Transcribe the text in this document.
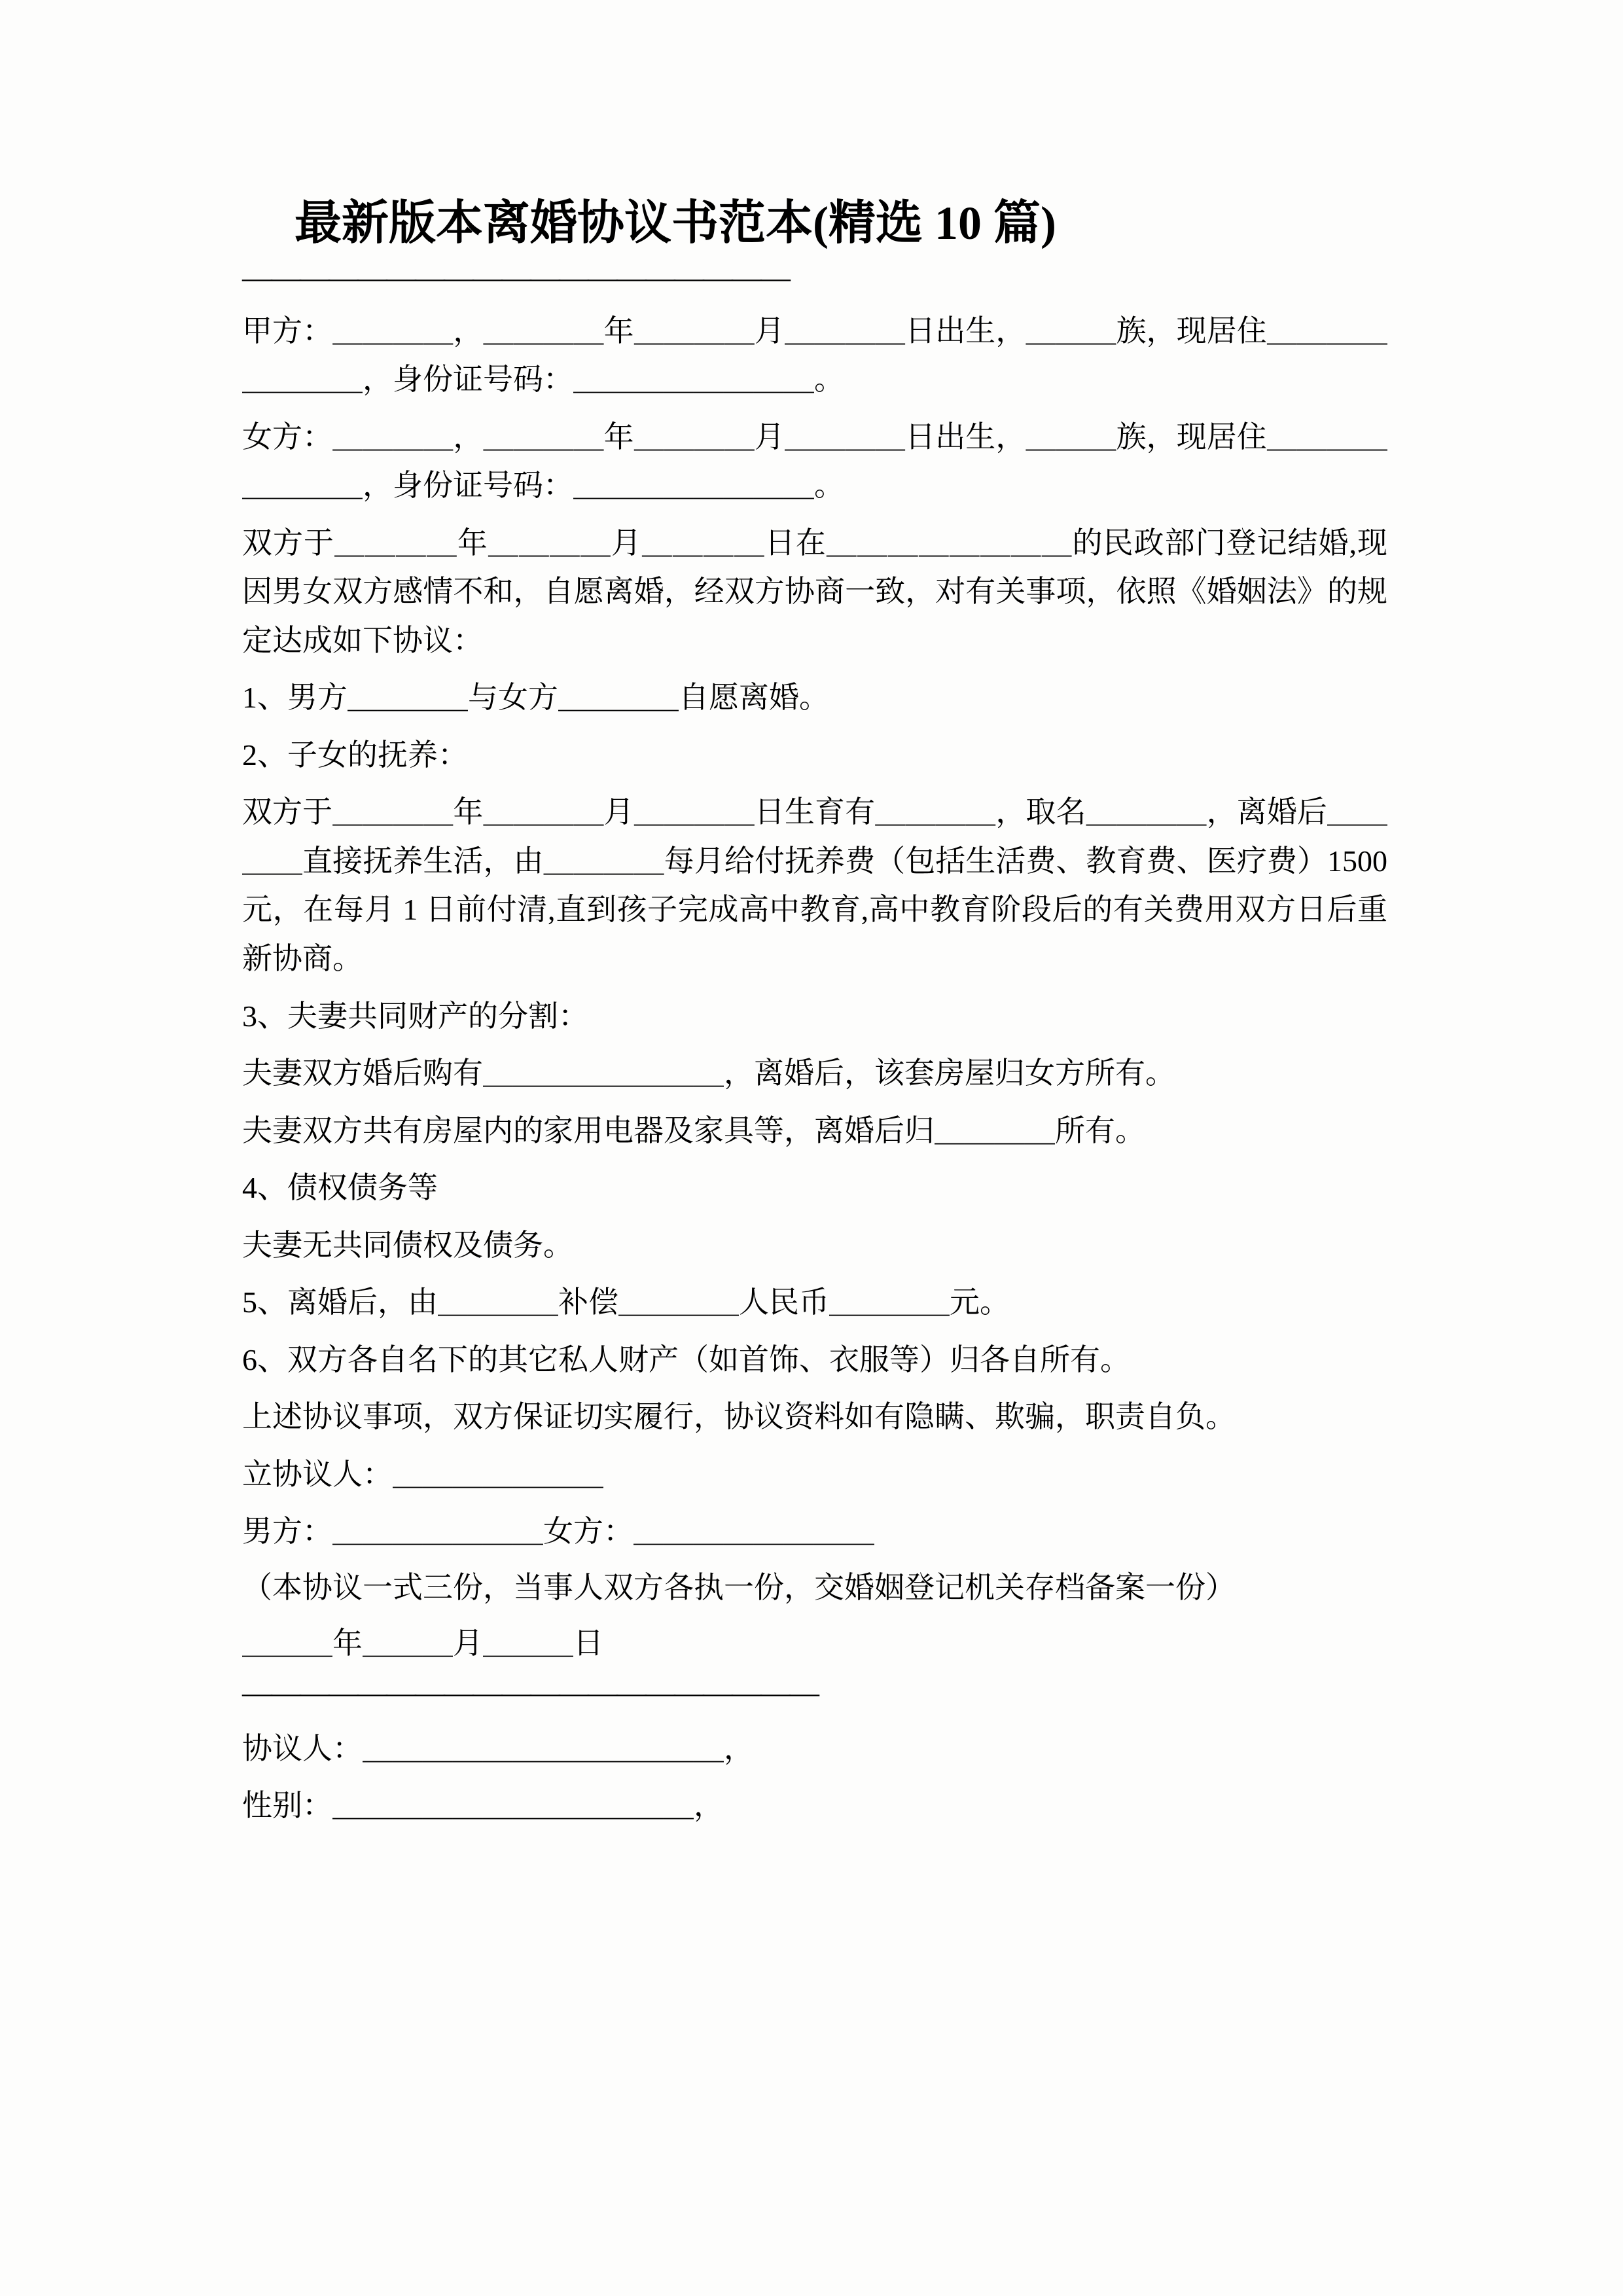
最新版本离婚协议书范本(精选 10 篇)
———————————————————

甲方：＿＿＿＿，＿＿＿＿年＿＿＿＿月＿＿＿＿日出生，＿＿＿族，现居住＿＿＿＿＿＿＿＿，身份证号码：＿＿＿＿＿＿＿＿。

女方：＿＿＿＿，＿＿＿＿年＿＿＿＿月＿＿＿＿日出生，＿＿＿族，现居住＿＿＿＿＿＿＿＿，身份证号码：＿＿＿＿＿＿＿＿。

双方于＿＿＿＿年＿＿＿＿月＿＿＿＿日在＿＿＿＿＿＿＿＿的民政部门登记结婚,现因男女双方感情不和，自愿离婚，经双方协商一致，对有关事项，依照《婚姻法》的规定达成如下协议：

1、男方＿＿＿＿与女方＿＿＿＿自愿离婚。

2、子女的抚养：

双方于＿＿＿＿年＿＿＿＿月＿＿＿＿日生育有＿＿＿＿，取名＿＿＿＿，离婚后＿＿＿＿直接抚养生活，由＿＿＿＿每月给付抚养费（包括生活费、教育费、医疗费）1500 元，在每月 1 日前付清,直到孩子完成高中教育,高中教育阶段后的有关费用双方日后重新协商。

3、夫妻共同财产的分割：

夫妻双方婚后购有＿＿＿＿＿＿＿＿，离婚后，该套房屋归女方所有。

夫妻双方共有房屋内的家用电器及家具等，离婚后归＿＿＿＿所有。

4、债权债务等

夫妻无共同债权及债务。

5、离婚后，由＿＿＿＿补偿＿＿＿＿人民币＿＿＿＿元。

6、双方各自名下的其它私人财产（如首饰、衣服等）归各自所有。

上述协议事项，双方保证切实履行，协议资料如有隐瞒、欺骗，职责自负。

立协议人：＿＿＿＿＿＿＿

男方：＿＿＿＿＿＿＿女方：＿＿＿＿＿＿＿＿

（本协议一式三份，当事人双方各执一份，交婚姻登记机关存档备案一份）

＿＿＿年＿＿＿月＿＿＿日

————————————————————

协议人：＿＿＿＿＿＿＿＿＿＿＿＿，

性别：＿＿＿＿＿＿＿＿＿＿＿＿，
